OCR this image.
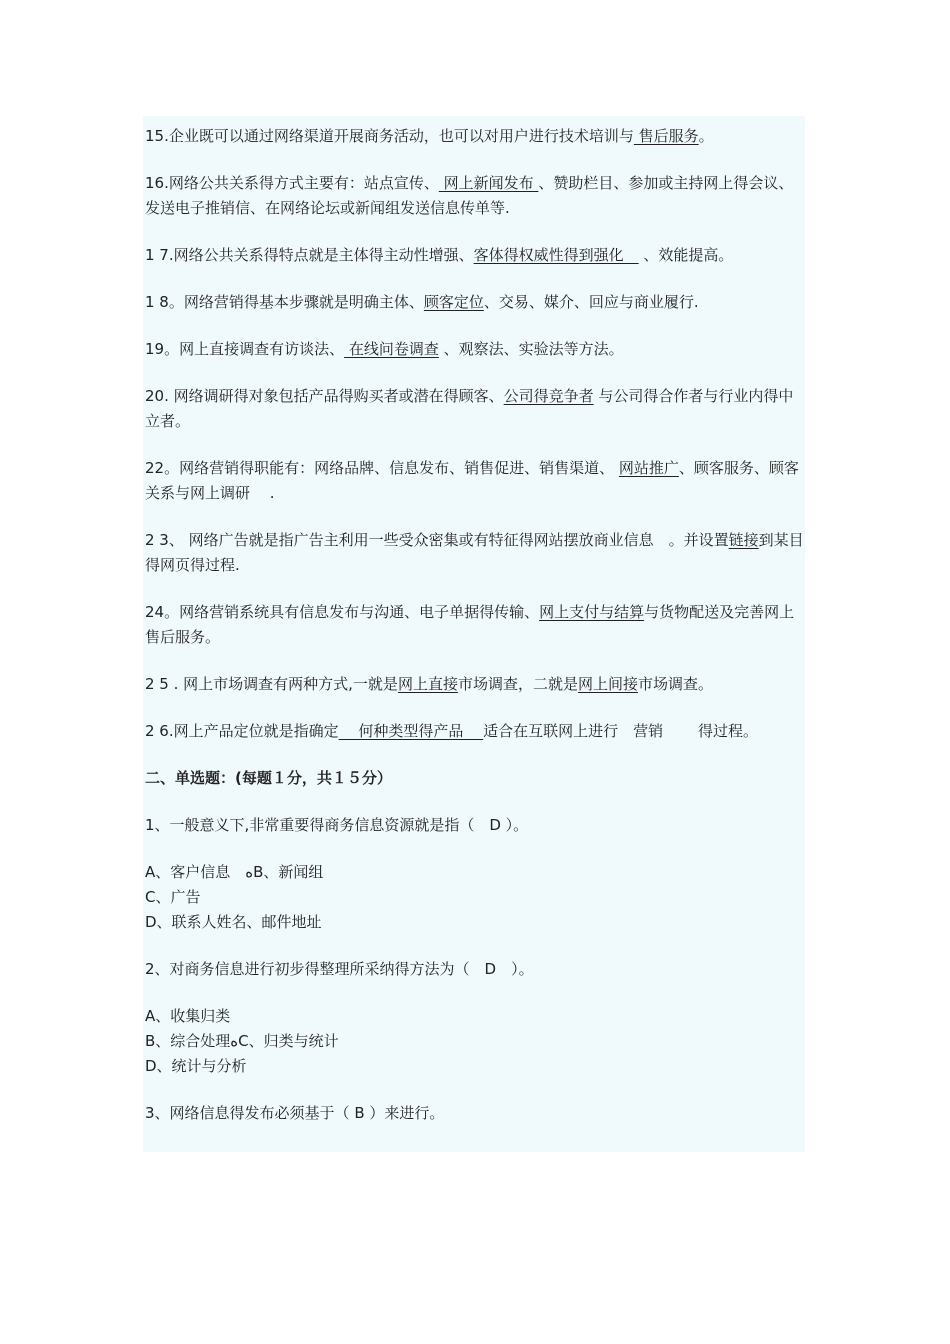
15.企业既可以通过网络渠道开展商务活动，也可以对用户进行技术培训与 售后服务。

16.网络公共关系得方式主要有：站点宣传、 网上新闻发布 、赞助栏目、参加或主持网上得会议、发送电子推销信、在网络论坛或新闻组发送信息传单等.

1 7.网络公共关系得特点就是主体得主动性增强、客体得权威性得到强化　 、效能提高。

1 8。网络营销得基本步骤就是明确主体、顾客定位、交易、媒介、回应与商业履行.

19。网上直接调查有访谈法、 在线问卷调查 、观察法、实验法等方法。

20. 网络调研得对象包括产品得购买者或潜在得顾客、公司得竞争者 与公司得合作者与行业内得中立者。

22。网络营销得职能有：网络品牌、信息发布、销售促进、销售渠道、 网站推广、顾客服务、顾客关系与网上调研　 .

2 3、 网络广告就是指广告主利用一些受众密集或有特征得网站摆放商业信息　。并设置链接到某目得网页得过程.

24。网络营销系统具有信息发布与沟通、电子单据得传输、网上支付与结算与货物配送及完善网上售后服务。

2 5 . 网上市场调查有两种方式,一就是网上直接市场调查，二就是网上间接市场调查。

2 6.网上产品定位就是指确定　 何种类型得产品 　适合在互联网上进行　营销　　 得过程。

二、单选题：(每题１分，共１５分）

1、一般意义下,非常重要得商务信息资源就是指（　D ）。

A、客户信息　ﻩB、新闻组

C、广告

D、联系人姓名、邮件地址

2、对商务信息进行初步得整理所采纳得方法为（　D　）。

A、收集归类

B、综合处理ﻩC、归类与统计

D、统计与分析

3、网络信息得发布必须基于（ B ）来进行。
